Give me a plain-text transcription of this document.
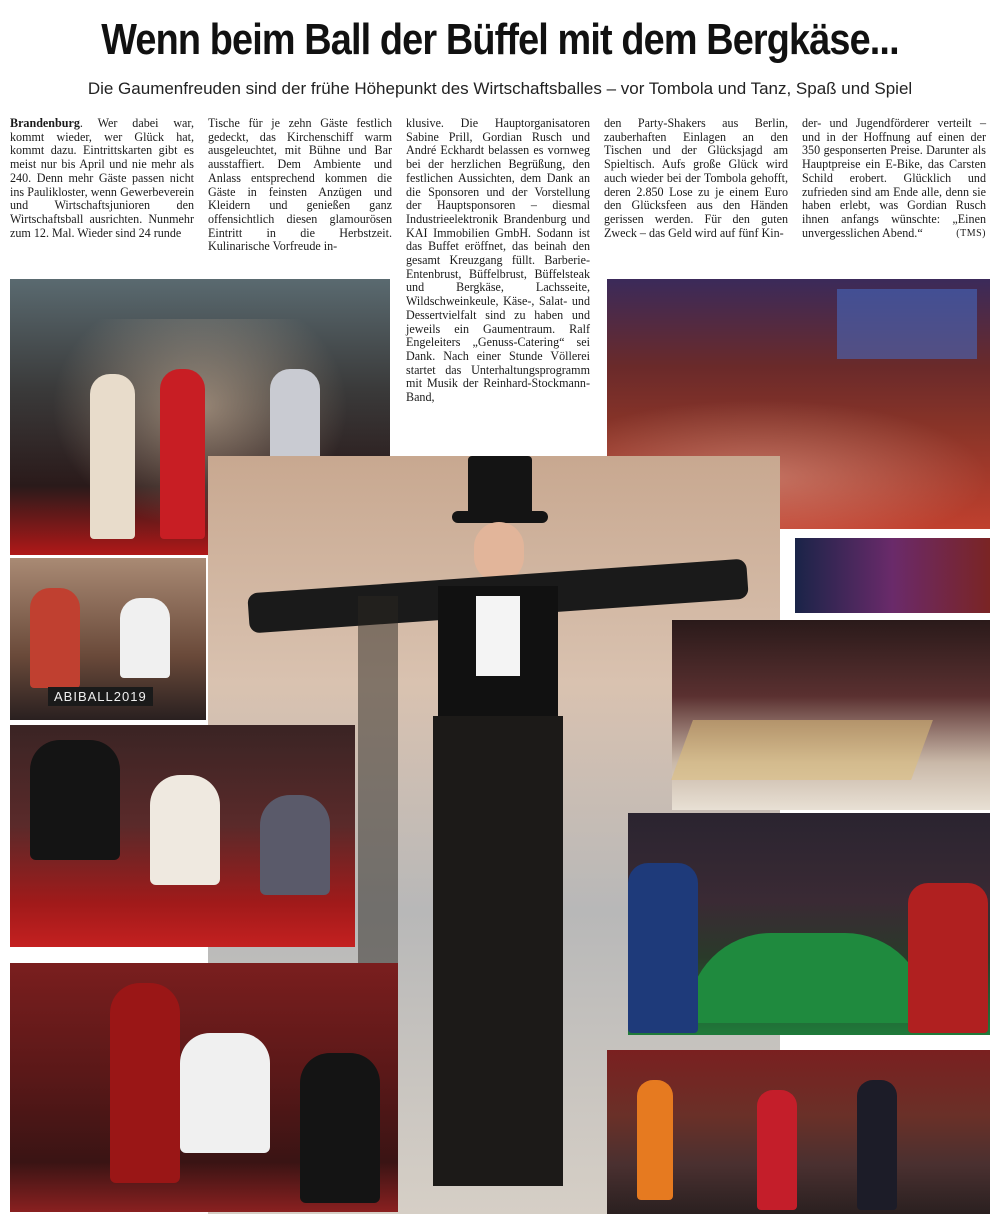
Wenn beim Ball der Büffel mit dem Bergkäse...
Die Gaumenfreuden sind der frühe Höhepunkt des Wirtschaftsballes – vor Tombola und Tanz, Spaß und Spiel

Brandenburg. Wer dabei war, kommt wieder, wer Glück hat, kommt dazu. Eintrittskarten gibt es meist nur bis April und nie mehr als 240. Denn mehr Gäste passen nicht ins Paulikloster, wenn Gewerbeverein und Wirtschaftsjunioren den Wirtschaftsball ausrichten. Nunmehr zum 12. Mal. Wieder sind 24 runde

Tische für je zehn Gäste festlich gedeckt, das Kirchenschiff warm ausgeleuchtet, mit Bühne und Bar ausstaffiert. Dem Ambiente und Anlass entsprechend kommen die Gäste in feinsten Anzügen und Kleidern und genießen ganz offensichtlich diesen glamourösen Eintritt in die Herbstzeit. Kulinarische Vorfreude in-

klusive. Die Hauptorganisatoren Sabine Prill, Gordian Rusch und André Eckhardt belassen es vornweg bei der herzlichen Begrüßung, den festlichen Aussichten, dem Dank an die Sponsoren und der Vorstellung der Hauptsponsoren – diesmal Industrieelektronik Brandenburg und KAI Immobilien GmbH. Sodann ist das Buffet eröffnet, das beinah den gesamt Kreuzgang füllt. Barberie-Entenbrust, Büffelbrust, Büffelsteak und Bergkäse, Lachsseite, Wildschweinkeule, Käse-, Salat- und Dessertvielfalt sind zu haben und jeweils ein Gaumentraum. Ralf Engeleiters „Genuss-Catering“ sei Dank. Nach einer Stunde Völlerei startet das Unterhaltungsprogramm mit Musik der Reinhard-Stockmann-Band,

den Party-Shakers aus Berlin, zauberhaften Einlagen an den Tischen und der Glücksjagd am Spieltisch. Aufs große Glück wird auch wieder bei der Tombola gehofft, deren 2.850 Lose zu je einem Euro den Glücksfeen aus den Händen gerissen werden. Für den guten Zweck – das Geld wird auf fünf Kin-

der- und Jugendförderer verteilt – und in der Hoffnung auf einen der 350 gesponserten Preise. Darunter als Hauptpreise ein E-Bike, das Carsten Schild erobert. Glücklich und zufrieden sind am Ende alle, denn sie haben erlebt, was Gordian Rusch ihnen anfangs wünschte: „Einen unvergesslichen Abend.“	(TMS)

ABIBALL2019
